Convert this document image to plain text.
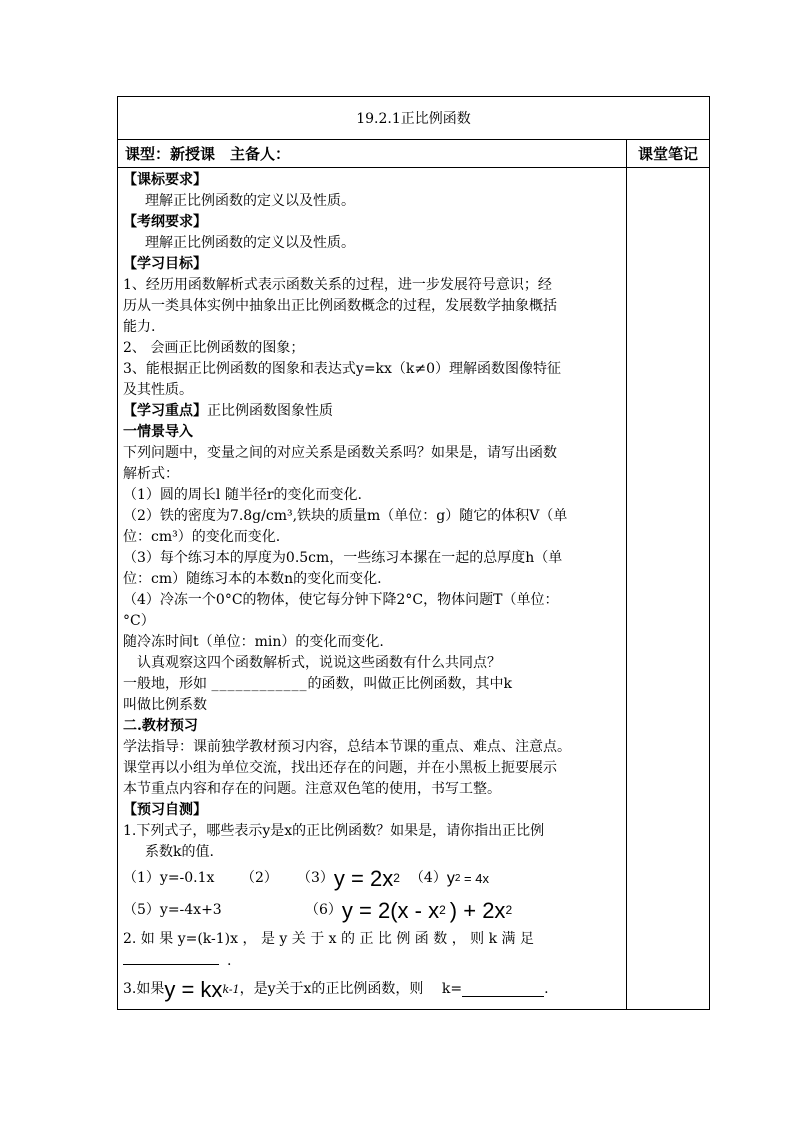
19.2.1正比例函数
课型：新授课　主备人：	课堂笔记

【课标要求】

理解正比例函数的定义以及性质。

【考纲要求】

理解正比例函数的定义以及性质。

【学习目标】

1、经历用函数解析式表示函数关系的过程，进一步发展符号意识；经

历从一类具体实例中抽象出正比例函数概念的过程，发展数学抽象概括

能力.

2、 会画正比例函数的图象；

3、能根据正比例函数的图象和表达式y=kx（k≠0）理解函数图像特征

及其性质。

【学习重点】正比例函数图象性质

一情景导入

下列问题中，变量之间的对应关系是函数关系吗？如果是，请写出函数

解析式：

（1）圆的周长l 随半径r的变化而变化.

（2）铁的密度为7.8g/cm³,铁块的质量m（单位：g）随它的体积V（单

位：cm³）的变化而变化.

（3）每个练习本的厚度为0.5cm，一些练习本摞在一起的总厚度h（单

位：cm）随练习本的本数n的变化而变化.

（4）冷冻一个0°C的物体，使它每分钟下降2°C，物体问题T（单位：

°C）

随冷冻时间t（单位：min）的变化而变化.

认真观察这四个函数解析式，说说这些函数有什么共同点？

一般地，形如 ____________的函数，叫做正比例函数，其中k

叫做比例系数

二.教材预习

学法指导：课前独学教材预习内容，总结本节课的重点、难点、注意点。

课堂再以小组为单位交流，找出还存在的问题，并在小黑板上扼要展示

本节重点内容和存在的问题。注意双色笔的使用，书写工整。

【预习自测】

1.下列式子，哪些表示y是x的正比例函数？如果是，请你指出正比例

系数k的值.

（1）y=-0.1x	（2）	（3） y = 2x 2 （4） y 2 = 4x
（5）y=-4x+3	（6） y = 2(x - x 2 ) + 2x 2

2. 如 果 y=(k-1)x ， 是 y 关 于 x 的 正 比 例 函 数 ， 则 k 满 足

.

3.如果 y = kx k-1 ，是y关于x的正比例函数，则　 k=	.
